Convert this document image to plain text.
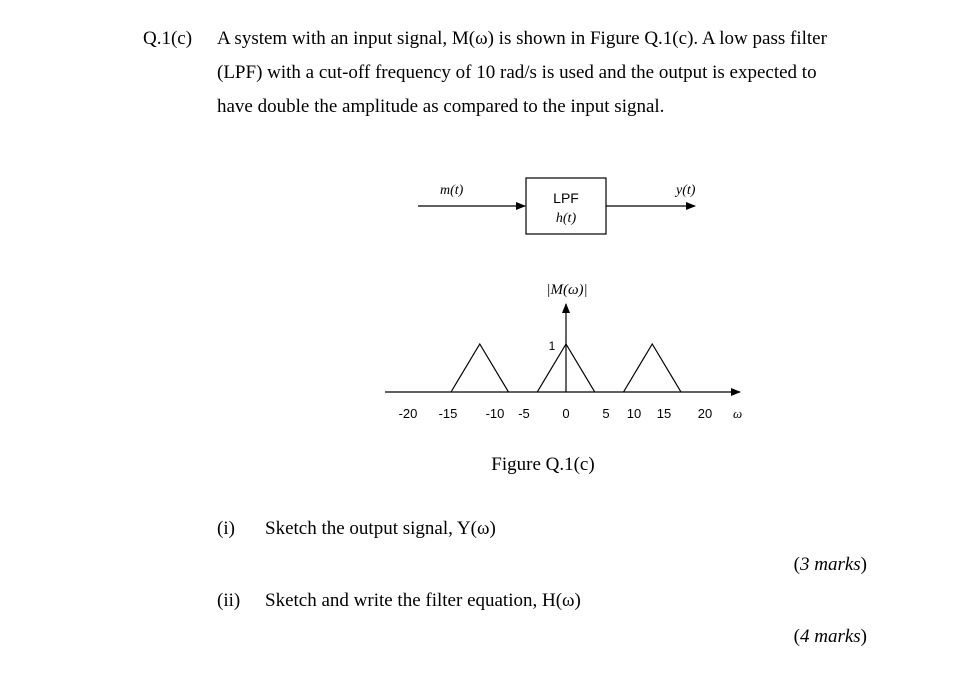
Q.1(c) A system with an input signal, M(ω) is shown in Figure Q.1(c). A low pass filter
(LPF) with a cut-off frequency of 10 rad/s is used and the output is expected to
have double the amplitude as compared to the input signal.
m(t)	LPF
h(t)
y(t)
|M(ω)|
1
-20 -15 -10 -5	0	5 10 15 20 ω
Figure Q.1(c)
(i) Sketch the output signal, Y(ω)
(3 marks)
(ii) Sketch and write the filter equation, H(ω)
(4 marks)
